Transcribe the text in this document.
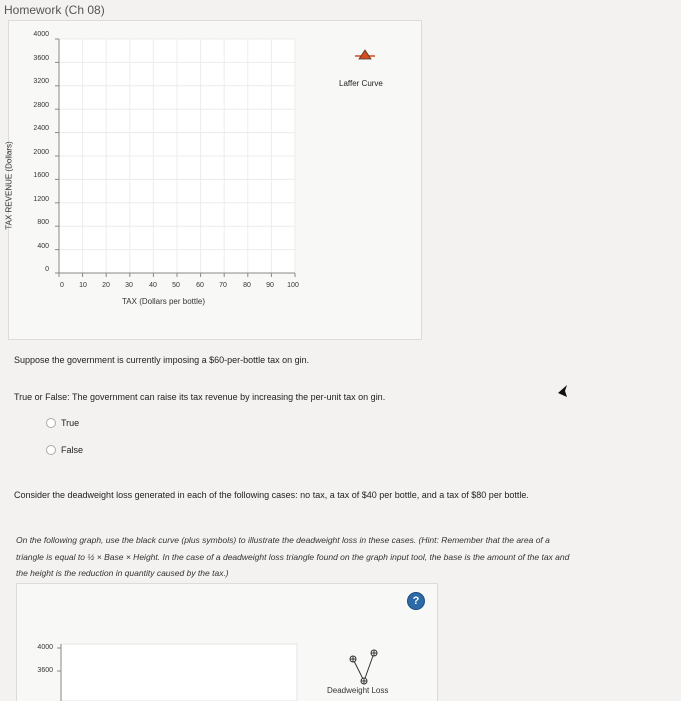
Homework (Ch 08)
4000
3600
3200
2800
2400
2000
1600
1200
800
400
0
0	10	20	30	40	50	60	70	80	90	100
TAX REVENUE (Dollars)
TAX (Dollars per bottle)
Laffer Curve
Suppose the government is currently imposing a $60-per-bottle tax on gin.
True or False: The government can raise its tax revenue by increasing the per-unit tax on gin.
True
False
Consider the deadweight loss generated in each of the following cases: no tax, a tax of $40 per bottle, and a tax of $80 per bottle.
On the following graph, use the black curve (plus symbols) to illustrate the deadweight loss in these cases. (Hint: Remember that the area of a
triangle is equal to ½ × Base × Height. In the case of a deadweight loss triangle found on the graph input tool, the base is the amount of the tax and
the height is the reduction in quantity caused by the tax.)
4000
3600
?
Deadweight Loss
